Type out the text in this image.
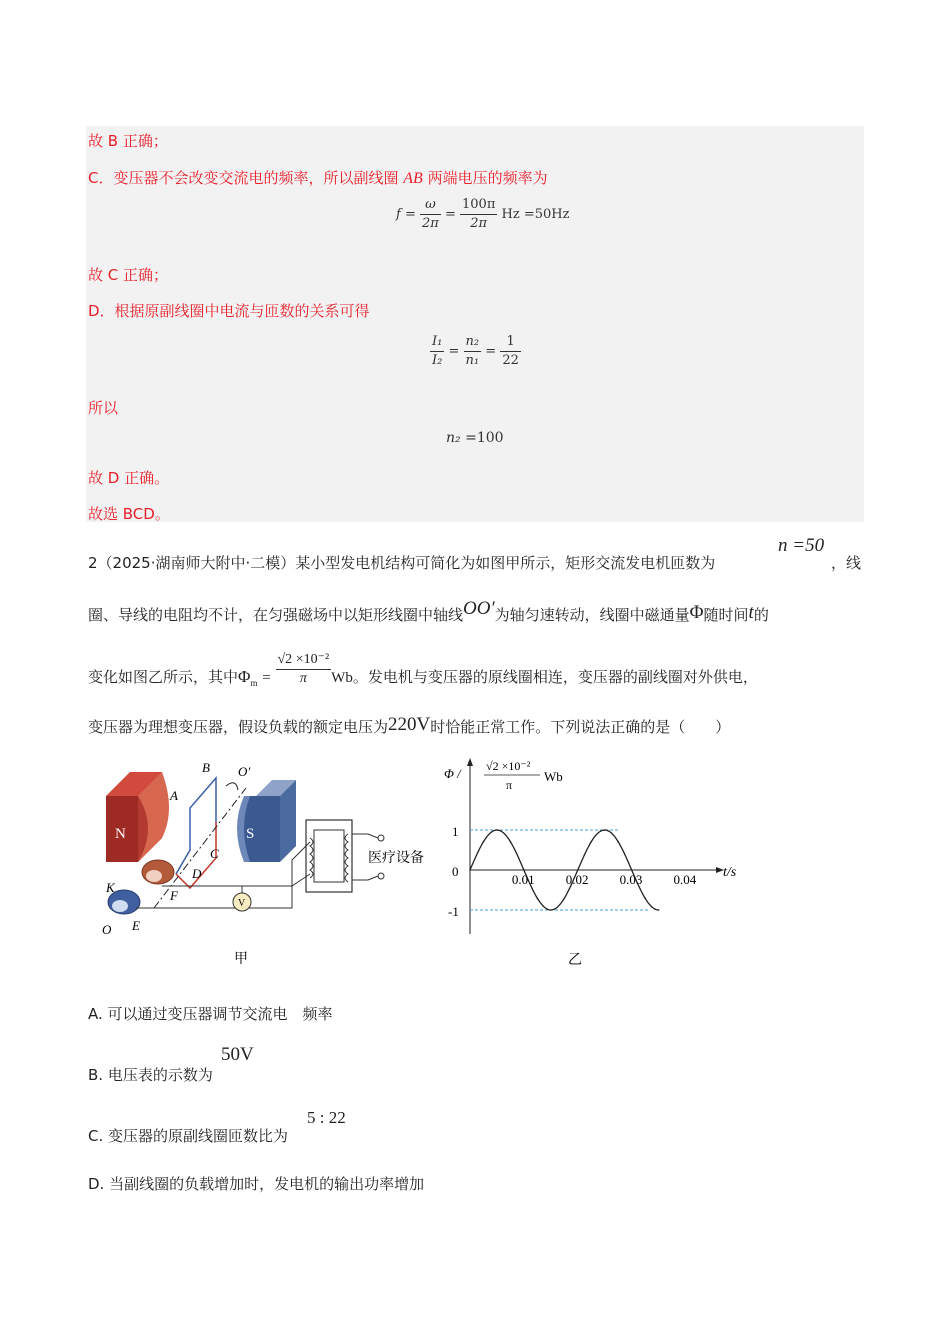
故 B 正确；
C．变压器不会改变交流电的频率，所以副线圈 AB 两端电压的频率为
$f = \frac{\omega}{2\pi} = \frac{100\pi}{2\pi}$ Hz =50Hz
故 C 正确；
D．根据原副线圈中电流与匝数的关系可得
$\frac{\text{I₁}}{\text{I₂}} = \frac{\text{n₂}}{\text{n₁}} = \frac{1}{22}$
所以
n₂ =100
故 D 正确。
故选 BCD。
2（2025·湖南师大附中·二模）某小型发电机结构可简化为如图甲所示，矩形交流发电机匝数为
n =50
，线
圈、导线的电阻均不计，在匀强磁场中以矩形线圈中轴线OO′为轴匀速转动，线圈中磁通量Φ随时间t的
变化如图乙所示，其中$\Phi_m = \frac{\text{√2 ×10⁻²}}{\pi}$ Wb。发电机与变压器的原线圈相连，变压器的副线圈对外供电，
变压器为理想变压器，假设负载的额定电压为220V时恰能正常工作。下列说法正确的是（　　）
N	S
A
B
C
D
O′
K
F
E
O
V
医疗设备
甲
0.01 0.02 0.03 0.04
Φ / √2 ×10⁻²
π
Wb
t/s
0
1
-1
乙
A. 可以通过变压器调节交流电　频率
B. 电压表的示数为
50V
C. 变压器的原副线圈匝数比为
5 : 22
D. 当副线圈的负载增加时，发电机的输出功率增加
